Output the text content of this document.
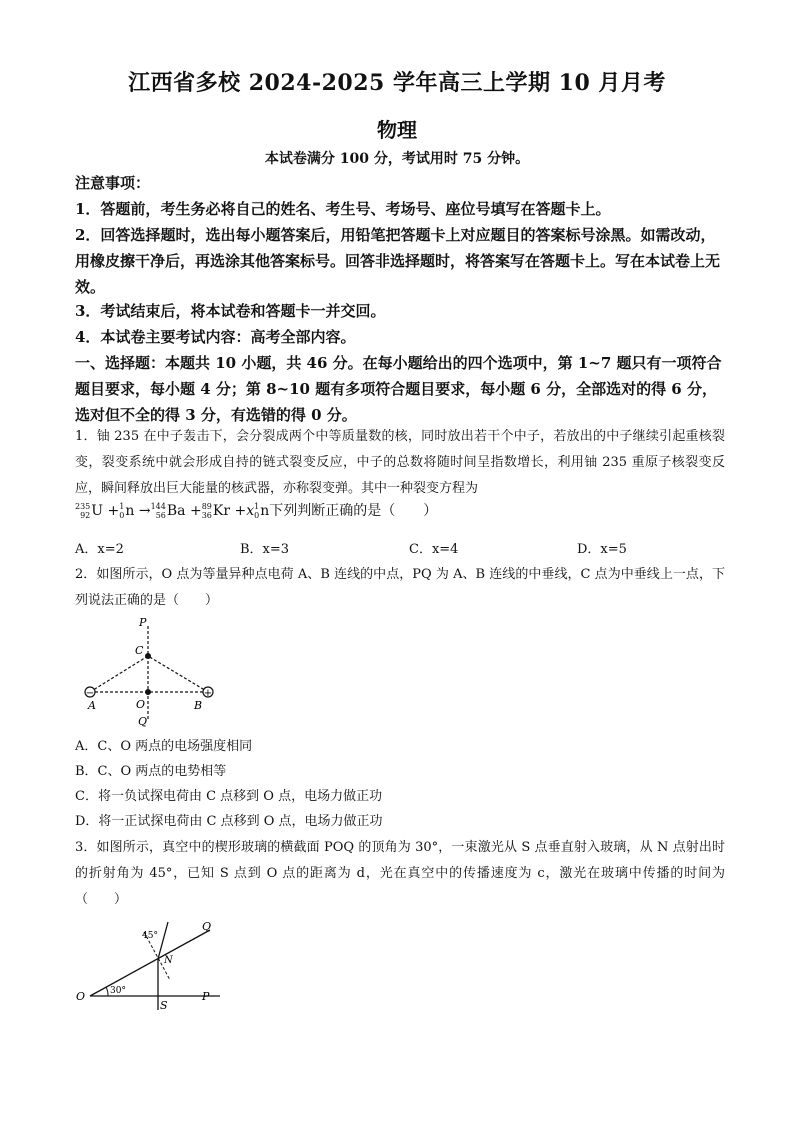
江西省多校 2024-2025 学年高三上学期 10 月月考
物理
本试卷满分 100 分，考试用时 75 分钟。

注意事项：

1．答题前，考生务必将自己的姓名、考生号、考场号、座位号填写在答题卡上。

2．回答选择题时，选出每小题答案后，用铅笔把答题卡上对应题目的答案标号涂黑。如需改动，用橡皮擦干净后，再选涂其他答案标号。回答非选择题时，将答案写在答题卡上。写在本试卷上无效。

3．考试结束后，将本试卷和答题卡一并交回。

4．本试卷主要考试内容：高考全部内容。

一、选择题：本题共 10 小题，共 46 分。在每小题给出的四个选项中，第 1~7 题只有一项符合题目要求，每小题 4 分；第 8~10 题有多项符合题目要求，每小题 6 分，全部选对的得 6 分，选对但不全的得 3 分，有选错的得 0 分。

1．铀 235 在中子轰击下，会分裂成两个中等质量数的核，同时放出若干个中子，若放出的中子继续引起重核裂变，裂变系统中就会形成自持的链式裂变反应，中子的总数将随时间呈指数增长，利用铀 235 重原子核裂变反应，瞬间释放出巨大能量的核武器，亦称裂变弹。其中一种裂变方程为

235
92 U + 1
0 n → 144
56 Ba + 89
36 Kr +x 1
0 n下列判断正确的是（　　）
A．x=2	B．x=3	C．x=4	D．x=5

2．如图所示，O 点为等量异种点电荷 A、B 连线的中点，PQ 为 A、B 连线的中垂线，C 点为中垂线上一点，下列说法正确的是（　　）

−	+
P
C
A	O	B
Q

A．C、O 两点的电场强度相同

B．C、O 两点的电势相等

C．将一负试探电荷由 C 点移到 O 点，电场力做正功

D．将一正试探电荷由 C 点移到 O 点，电场力做正功

3．如图所示，真空中的楔形玻璃的横截面 POQ 的顶角为 30°，一束激光从 S 点垂直射入玻璃，从 N 点射出时的折射角为 45°，已知 S 点到 O 点的距离为 d，光在真空中的传播速度为 c，激光在玻璃中传播的时间为（　　）

30°
45°
Q
N
O
S
P
